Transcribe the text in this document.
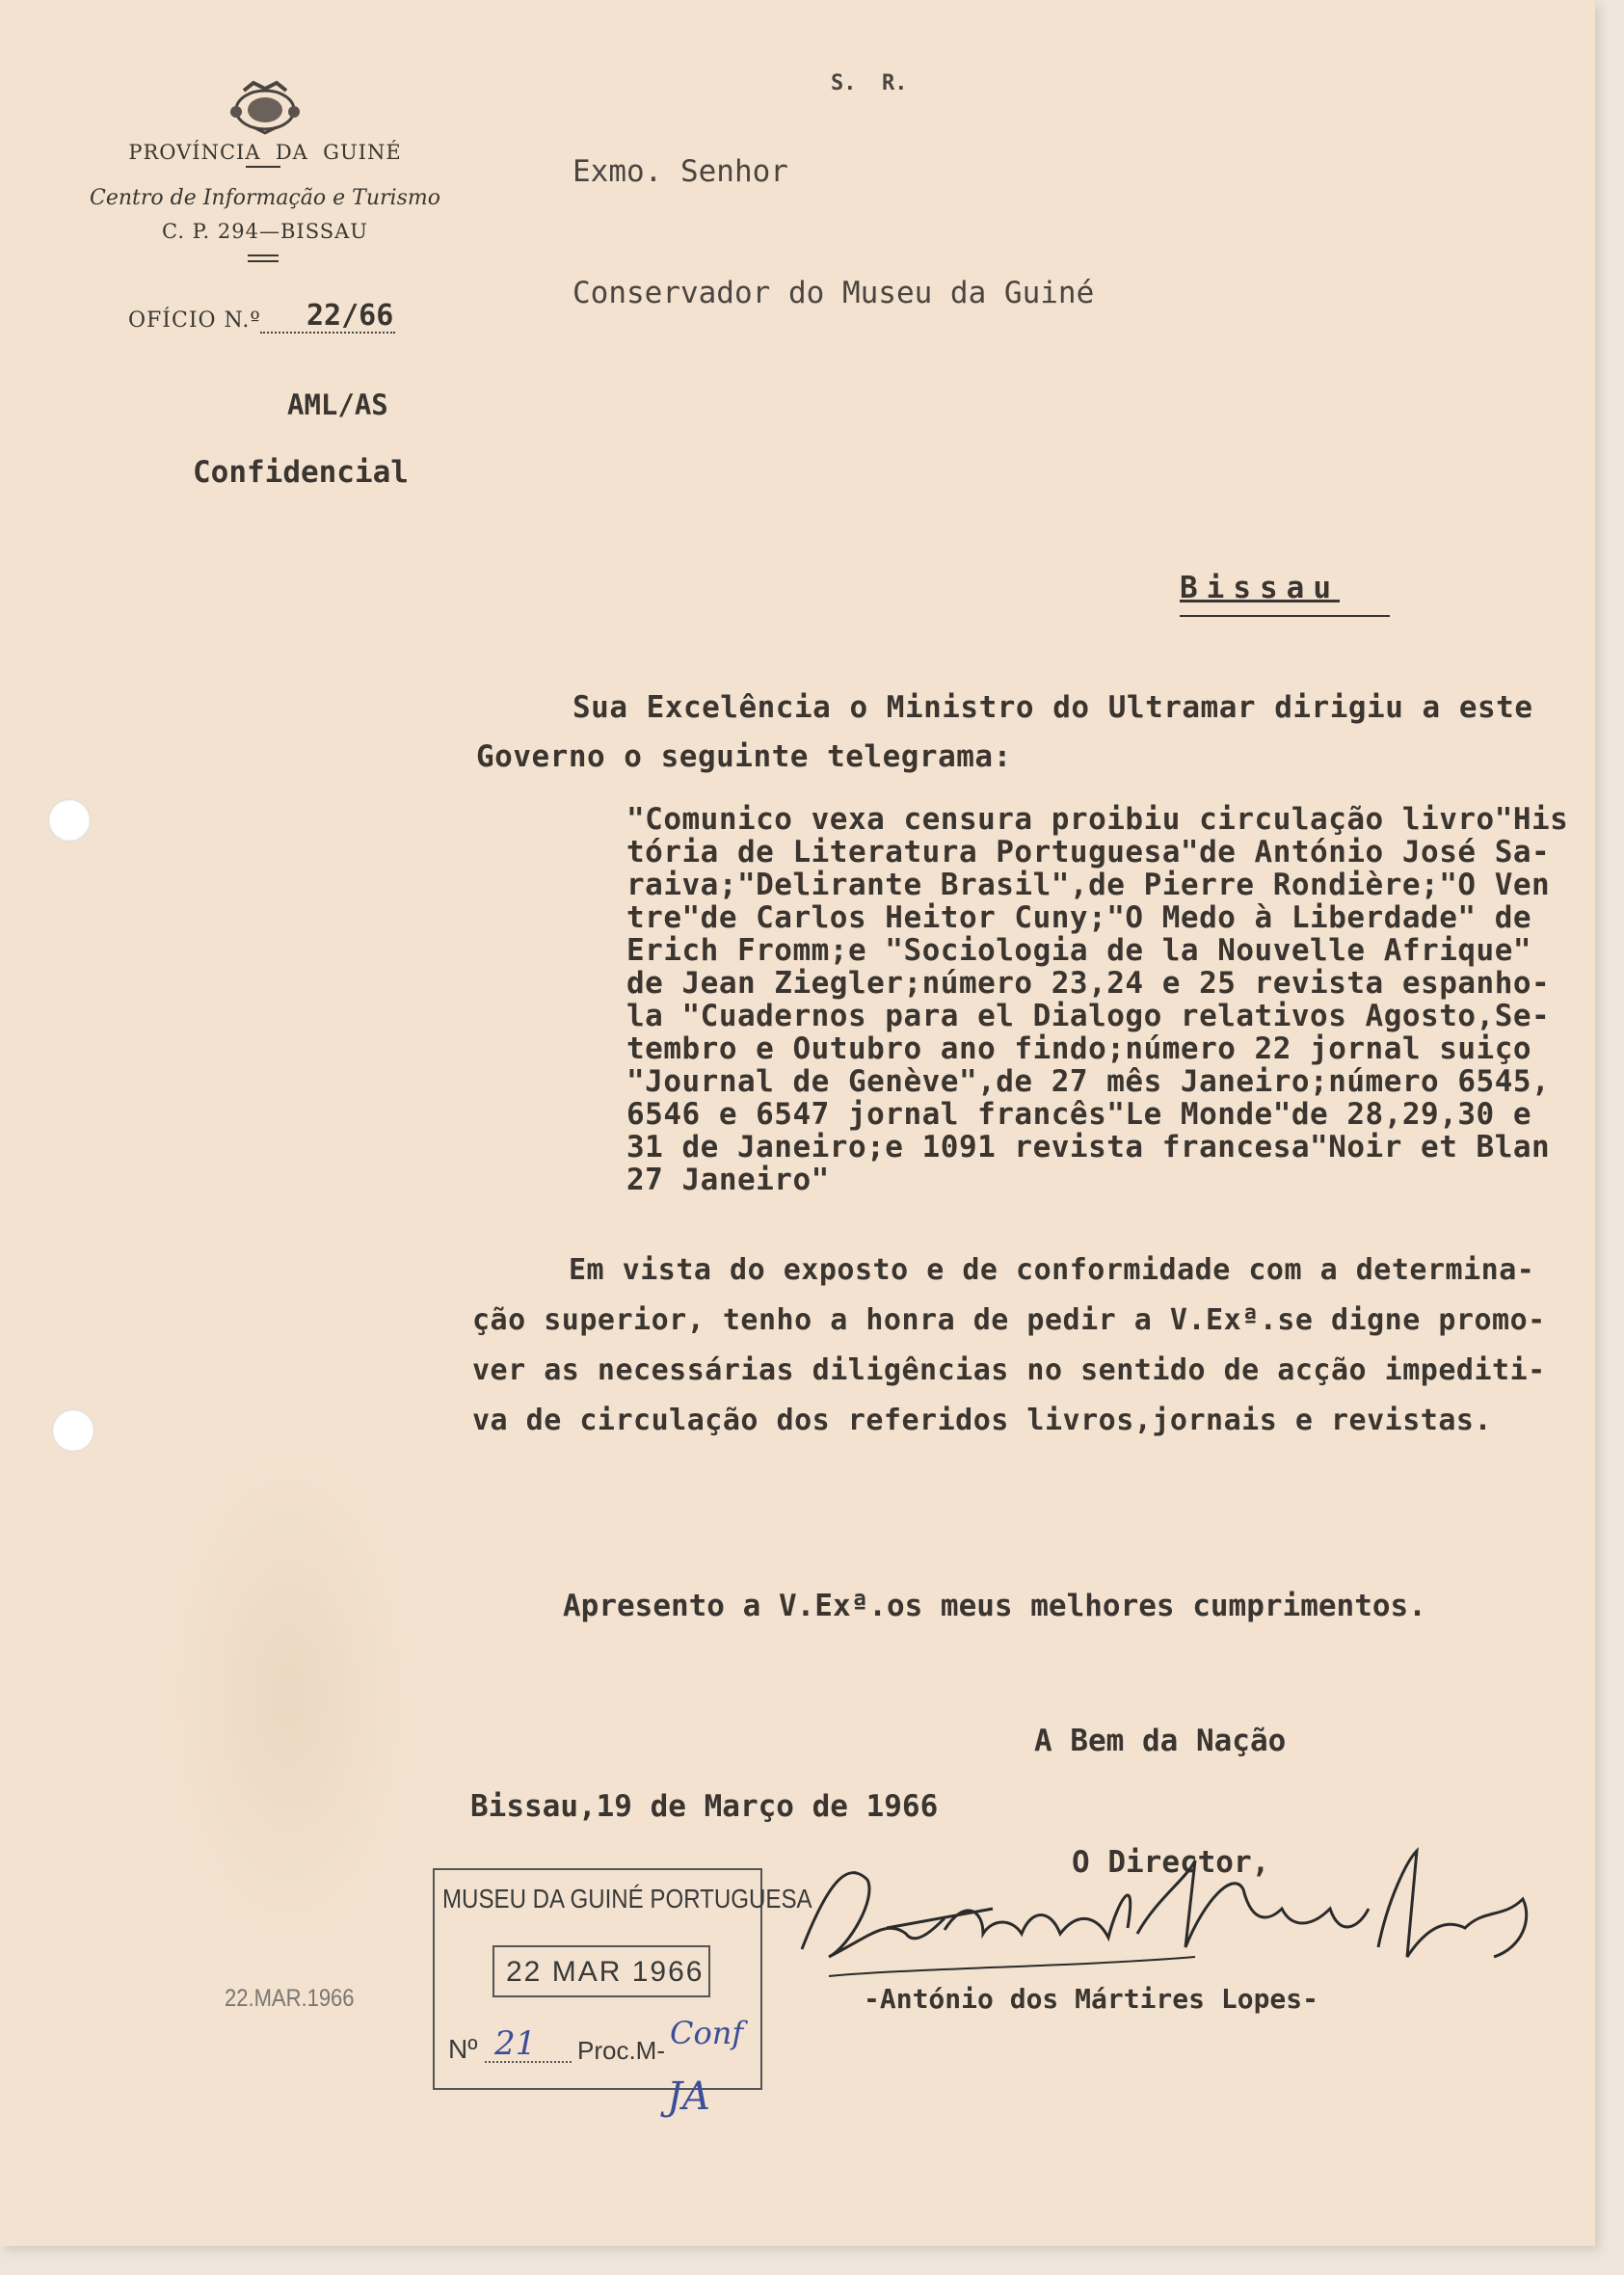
PROVÍNCIA  DA  GUINÉ
Centro de Informação e Turismo
C. P. 294—BISSAU
OFÍCIO N.º 22/66
AML/AS
Confidencial
S.  R.
Exmo. Senhor
Conservador do Museu da Guiné
Bissau

Sua Excelência o Ministro do Ultramar dirigiu a este

Governo o seguinte telegrama:

"Comunico vexa censura proibiu circulação livro"His

tória de Literatura Portuguesa"de António José Sa-

raiva;"Delirante Brasil",de Pierre Rondière;"O Ven

tre"de Carlos Heitor Cuny;"O Medo à Liberdade" de

Erich Fromm;e "Sociologia de la Nouvelle Afrique"

de Jean Ziegler;número 23,24 e 25 revista espanho-

la "Cuadernos para el Dialogo relativos Agosto,Se-

tembro e Outubro ano findo;número 22 jornal suiço

"Journal de Genève",de 27 mês Janeiro;número 6545,

6546 e 6547 jornal francês"Le Monde"de 28,29,30 e

31 de Janeiro;e 1091 revista francesa"Noir et Blan

27 Janeiro"

Em vista do exposto e de conformidade com a determina-

ção superior, tenho a honra de pedir a V.Exª.se digne promo-

ver as necessárias diligências no sentido de acção impediti-

va de circulação dos referidos livros,jornais e revistas.

Apresento a V.Exª.os meus melhores cumprimentos.
A Bem da Nação
Bissau,19 de Março de 1966
O Director,
-António dos Mártires Lopes-
22.MAR.1966
MUSEU DA GUINÉ PORTUGUESA
22 MAR 1966
Nº 21 Proc.M- Conf
JA
